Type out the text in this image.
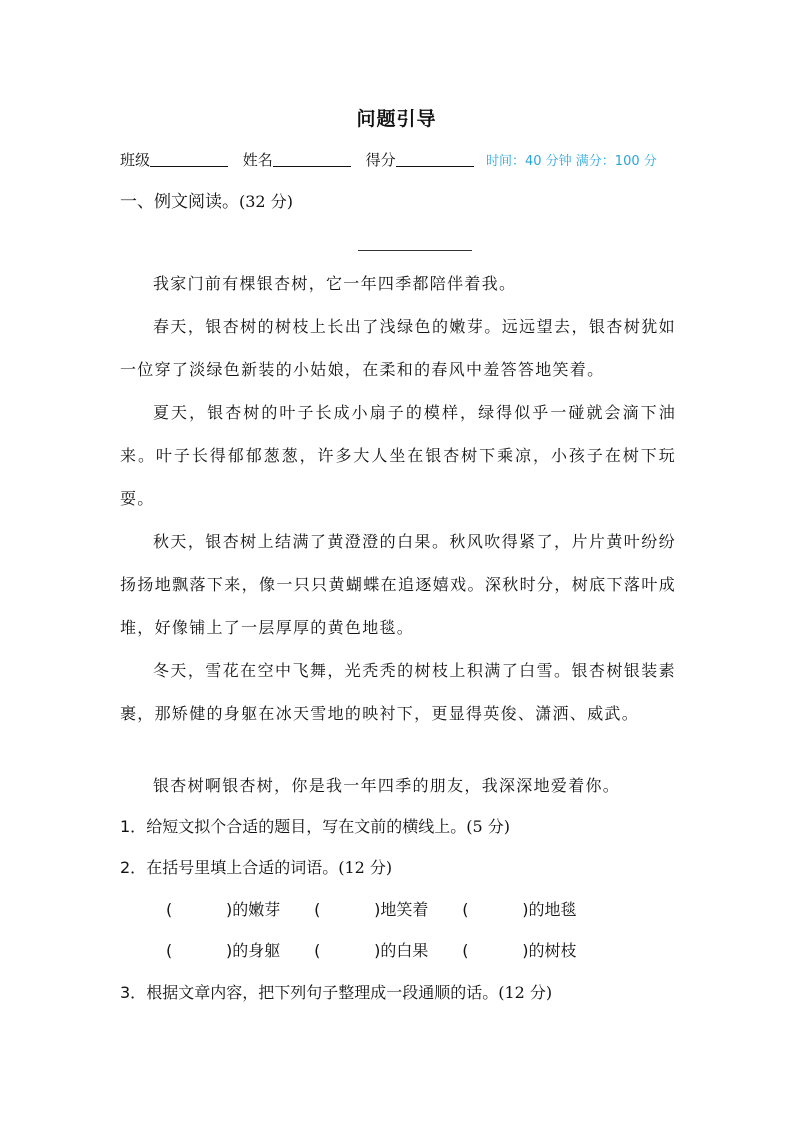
问题引导
班级	姓名	得分	时间：40 分钟 满分：100 分
一、例文阅读。(32 分)
我家门前有棵银杏树，它一年四季都陪伴着我。
春天，银杏树的树枝上长出了浅绿色的嫩芽。远远望去，银杏树犹如一位穿了淡绿色新装的小姑娘，在柔和的春风中羞答答地笑着。
夏天，银杏树的叶子长成小扇子的模样，绿得似乎一碰就会滴下油来。叶子长得郁郁葱葱，许多大人坐在银杏树下乘凉，小孩子在树下玩耍。
秋天，银杏树上结满了黄澄澄的白果。秋风吹得紧了，片片黄叶纷纷扬扬地飘落下来，像一只只黄蝴蝶在追逐嬉戏。深秋时分，树底下落叶成堆，好像铺上了一层厚厚的黄色地毯。
冬天，雪花在空中飞舞，光秃秃的树枝上积满了白雪。银杏树银装素裹，那矫健的身躯在冰天雪地的映衬下，更显得英俊、潇洒、威武。
银杏树啊银杏树，你是我一年四季的朋友，我深深地爱着你。
1．给短文拟个合适的题目，写在文前的横线上。(5 分)
2．在括号里填上合适的词语。(12 分)
(	)的嫩芽 (	)地笑着 (	)的地毯
(	)的身躯 (	)的白果 (	)的树枝
3．根据文章内容，把下列句子整理成一段通顺的话。(12 分)
